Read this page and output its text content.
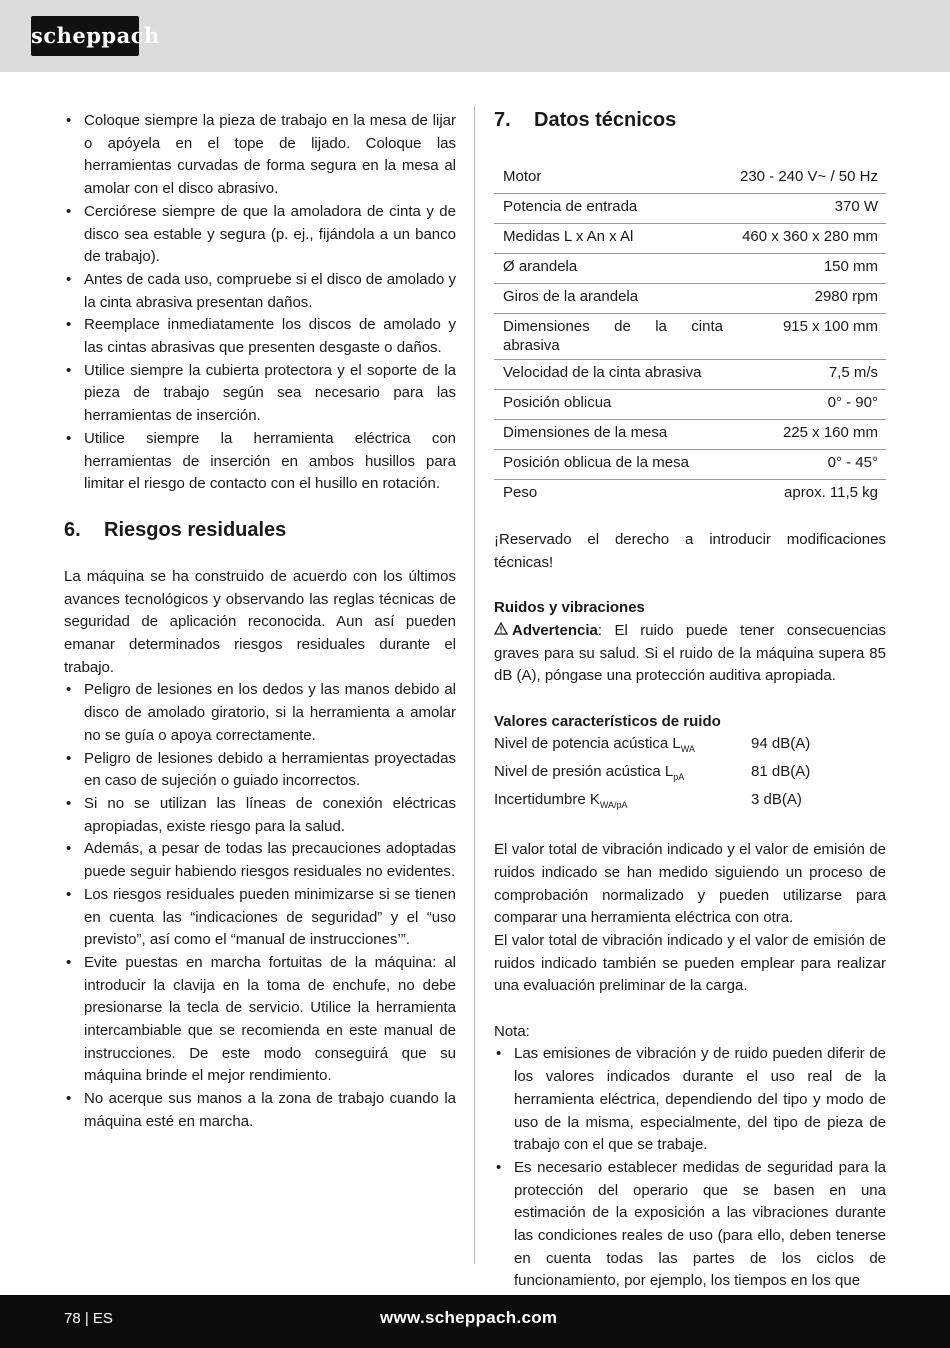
scheppach
• Coloque siempre la pieza de trabajo en la mesa de lijar o apóyela en el tope de lijado. Coloque las herramientas curvadas de forma segura en la mesa al amolar con el disco abrasivo.
• Cerciórese siempre de que la amoladora de cinta y de disco sea estable y segura (p. ej., fijándola a un banco de trabajo).
• Antes de cada uso, compruebe si el disco de amolado y la cinta abrasiva presentan daños.
• Reemplace inmediatamente los discos de amolado y las cintas abrasivas que presenten desgaste o daños.
• Utilice siempre la cubierta protectora y el soporte de la pieza de trabajo según sea necesario para las herramientas de inserción.
• Utilice siempre la herramienta eléctrica con herramientas de inserción en ambos husillos para limitar el riesgo de contacto con el husillo en rotación.
6.	Riesgos residuales

La máquina se ha construido de acuerdo con los últimos avances tecnológicos y observando las reglas técnicas de seguridad de aplicación reconocida. Aun así pueden emanar determinados riesgos residuales durante el trabajo.

• Peligro de lesiones en los dedos y las manos debido al disco de amolado giratorio, si la herramienta a amolar no se guía o apoya correctamente.
• Peligro de lesiones debido a herramientas proyectadas en caso de sujeción o guiado incorrectos.
• Si no se utilizan las líneas de conexión eléctricas apropiadas, existe riesgo para la salud.
• Además, a pesar de todas las precauciones adoptadas puede seguir habiendo riesgos residuales no evidentes.
• Los riesgos residuales pueden minimizarse si se tienen en cuenta las “indicaciones de seguridad” y el “uso previsto”, así como el “manual de instrucciones’”.
• Evite puestas en marcha fortuitas de la máquina: al introducir la clavija en la toma de enchufe, no debe presionarse la tecla de servicio. Utilice la herramienta intercambiable que se recomienda en este manual de instrucciones. De este modo conseguirá que su máquina brinde el mejor rendimiento.
• No acerque sus manos a la zona de trabajo cuando la máquina esté en marcha.
7.	Datos técnicos
Motor	230 - 240 V~ / 50 Hz
Potencia de entrada	370 W
Medidas L x An x Al	460 x 360 x 280 mm
Ø arandela	150 mm
Giros de la arandela	2980 rpm
Dimensiones de la cinta abrasiva	915 x 100 mm
Velocidad de la cinta abrasiva	7,5 m/s
Posición oblicua	0° - 90°
Dimensiones de la mesa	225 x 160 mm
Posición oblicua de la mesa	0° - 45°
Peso	aprox. 11,5 kg

¡Reservado el derecho a introducir modificaciones técnicas!

Ruidos y vibraciones

Advertencia: El ruido puede tener consecuencias graves para su salud. Si el ruido de la máquina supera 85 dB (A), póngase una protección auditiva apropiada.

Valores característicos de ruido
Nivel de potencia acústica $L_{WA}$	94 dB(A)
Nivel de presión acústica $L_{pA}$	81 dB(A)
Incertidumbre $K_{WA/pA}$	3 dB(A)

El valor total de vibración indicado y el valor de emisión de ruidos indicado se han medido siguiendo un proceso de comprobación normalizado y pueden utilizarse para comparar una herramienta eléctrica con otra.

El valor total de vibración indicado y el valor de emisión de ruidos indicado también se pueden emplear para realizar una evaluación preliminar de la carga.

Nota:
• Las emisiones de vibración y de ruido pueden diferir de los valores indicados durante el uso real de la herramienta eléctrica, dependiendo del tipo y modo de uso de la misma, especialmente, del tipo de pieza de trabajo con el que se trabaje.
• Es necesario establecer medidas de seguridad para la protección del operario que se basen en una estimación de la exposición a las vibraciones durante las condiciones reales de uso (para ello, deben tenerse en cuenta todas las partes de los ciclos de funcionamiento, por ejemplo, los tiempos en los que
78 | ES	www.scheppach.com
